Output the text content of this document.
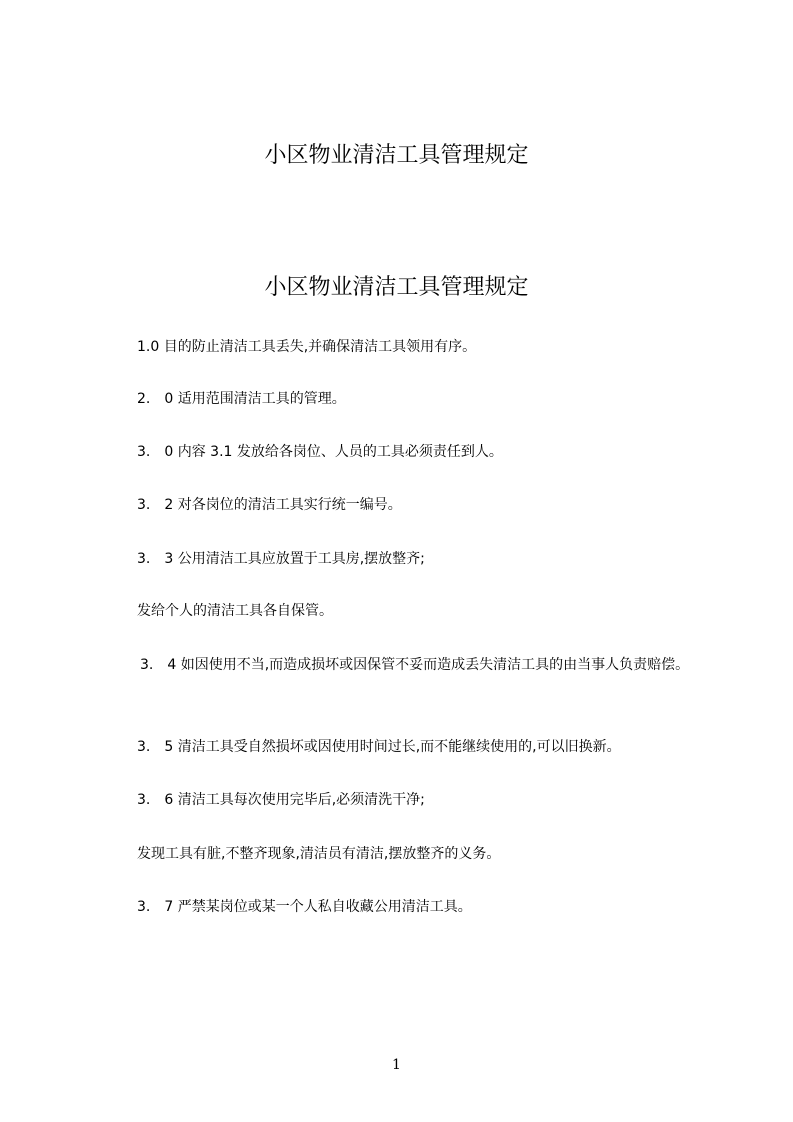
小区物业清洁工具管理规定
小区物业清洁工具管理规定
1.0 目的防止清洁工具丢失,并确保清洁工具领用有序。
2.　0 适用范围清洁工具的管理。
3.　0 内容 3.1 发放给各岗位、人员的工具必须责任到人。
3.　2 对各岗位的清洁工具实行统一编号。
3.　3 公用清洁工具应放置于工具房,摆放整齐;
发给个人的清洁工具各自保管。
3.　4 如因使用不当,而造成损坏或因保管不妥而造成丢失清洁工具的由当事人负责赔偿。
3.　5 清洁工具受自然损坏或因使用时间过长,而不能继续使用的,可以旧换新。
3.　6 清洁工具每次使用完毕后,必须清洗干净;
发现工具有脏,不整齐现象,清洁员有清洁,摆放整齐的义务。
3.　7 严禁某岗位或某一个人私自收藏公用清洁工具。
1
